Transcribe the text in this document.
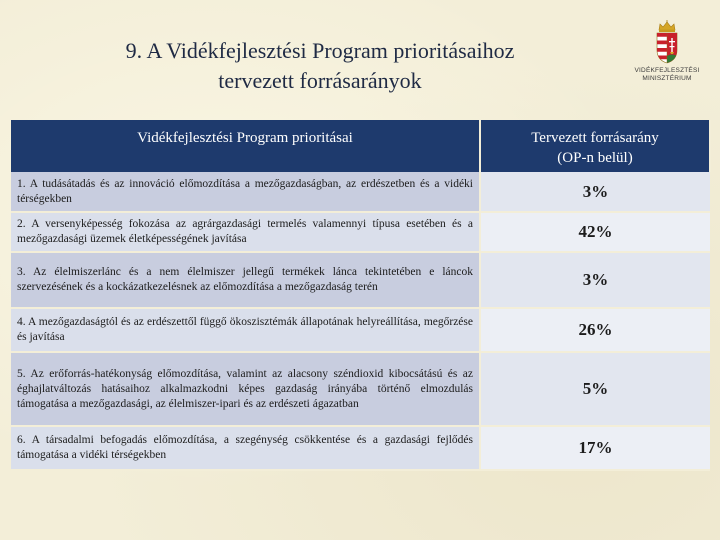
9. A Vidékfejlesztési Program prioritásaihoz
tervezett forrásarányok	VIDÉKFEJLESZTÉSI
MINISZTÉRIUM
Vidékfejlesztési Program prioritásai	Tervezett forrásarány
(OP-n belül)

1. A tudásátadás és az innováció előmozdítása a mezőgazdaságban, az erdészetben és a vidéki térségekben	3%
2. A versenyképesség fokozása az agrárgazdasági termelés valamennyi típusa esetében és a mezőgazdasági üzemek életképességének javítása	42%
3. Az élelmiszerlánc és a nem élelmiszer jellegű termékek lánca tekintetében e láncok szervezésének és a kockázatkezelésnek az előmozdítása a mezőgazdaság terén	3%
4. A mezőgazdaságtól és az erdészettől függő ökoszisztémák állapotának helyreállítása, megőrzése és javítása	26%
5. Az erőforrás-hatékonyság előmozdítása, valamint az alacsony széndioxid kibocsátású és az éghajlatváltozás hatásaihoz alkalmazkodni képes gazdaság irányába történő elmozdulás támogatása a mezőgazdasági, az élelmiszer-ipari és az erdészeti ágazatban	5%
6. A társadalmi befogadás előmozdítása, a szegénység csökkentése és a gazdasági fejlődés támogatása a vidéki térségekben	17%
